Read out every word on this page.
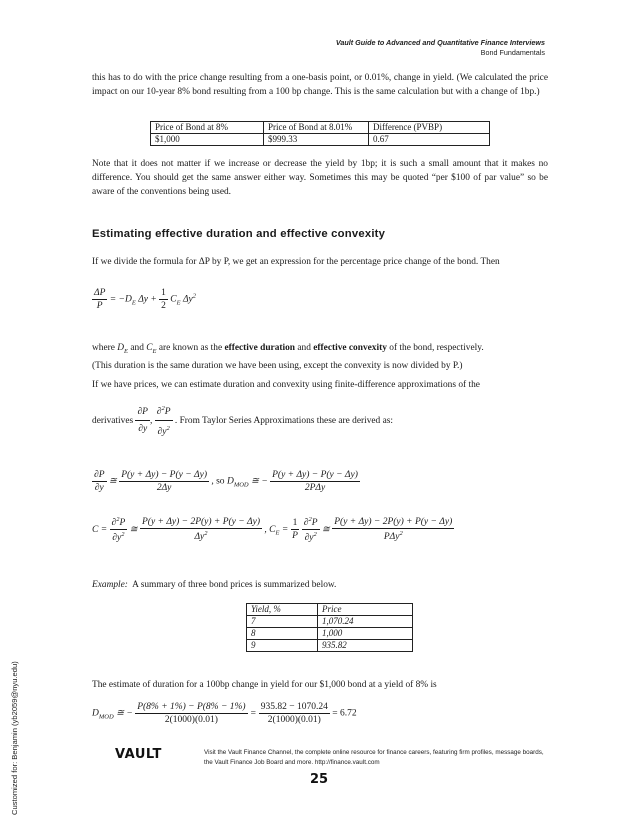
Vault Guide to Advanced and Quantitative Finance Interviews
Bond Fundamentals
this has to do with the price change resulting from a one-basis point, or 0.01%, change in yield. (We calculated the price impact on our 10-year 8% bond resulting from a 100 bp change. This is the same calculation but with a change of 1bp.)
Price of Bond at 8%	Price of Bond at 8.01%	Difference (PVBP)
$1,000	$999.33	0.67
Note that it does not matter if we increase or decrease the yield by 1bp; it is such a small amount that it makes no difference. You should get the same answer either way. Sometimes this may be quoted “per $100 of par value” so be aware of the conventions being used.
Estimating effective duration and effective convexity
If we divide the formula for ΔP by P, we get an expression for the percentage price change of the bond. Then
$\frac{\Delta P}{P} = -D_E$ $\Delta y + \frac{1}{2} C_E$ $\Delta y^2$
where $D_E$ and $C_E$ are known as the effective duration and effective convexity of the bond, respectively.
(This duration is the same duration we have been using, except the convexity is now divided by P.)
If we have prices, we can estimate duration and convexity using finite-difference approximations of the
derivatives $\frac{\partial P}{\partial y}$ , $\frac{\partial^2P}{\partial y^2}$ . From Taylor Series Approximations these are derived as:
$\frac{\partial P}{\partial y}$ ≅ $\frac{P(y + \Delta y) - P(y - \Delta y)}{2\Delta y}$ , so $D_{MOD}$ ≅ − $\frac{P(y + \Delta y) - P(y - \Delta y)}{\text{2PΔy}}$
$C = \frac{\partial^2P}{\partial y^2}$ ≅ $\frac{P(y + \Delta y) - 2P(y) + P(y - \Delta y)}{\Delta y^2}$ , $C_E = \frac{1}{P}$
$\frac{\partial^2P}{\partial y^2}$ ≅ $\frac{P(y + \Delta y) - 2P(y) + P(y - \Delta y)}{P\Delta y^2}$
Example: A summary of three bond prices is summarized below.
Yield, %	Price
7	1,070.24
8	1,000
9	935.82
The estimate of duration for a 100bp change in yield for our $1,000 bond at a yield of 8% is
$D_{MOD}$ ≅ − $\frac{P(8\% + 1\%) - P(8\% - 1\%)}{2(1000)(0.01)} = \frac{935.82 - 1070.24}{2(1000)(0.01)} = 6.72$
VAULT	Visit the Vault Finance Channel, the complete online resource for finance careers, featuring firm profiles, message boards, the Vault Finance Job Board and more. http://finance.vault.com
25
Customized for: Benjamin (yb2059@nyu.edu)
